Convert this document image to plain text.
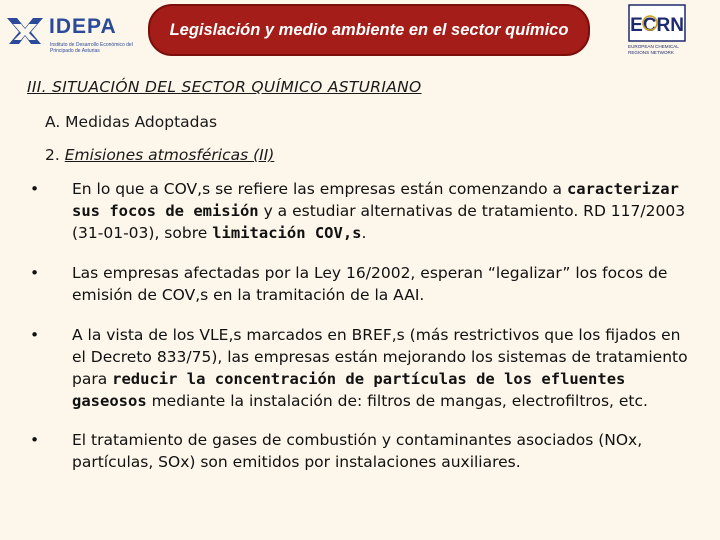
IDEPA
Instituto de Desarrollo Económico del Principado de Asturias
Legislación y medio ambiente en el sector químico	ECRN
EUROPEAN CHEMICAL REGIONS NETWORK
III. SITUACIÓN DEL SECTOR QUÍMICO ASTURIANO
A. Medidas Adoptadas
2. Emisiones atmosféricas (II)
• En lo que a COV,s se refiere las empresas están comenzando a caracterizar sus focos de emisión y a estudiar alternativas de tratamiento. RD 117/2003 (31-01-03), sobre limitación COV,s.
• Las empresas afectadas por la Ley 16/2002, esperan “legalizar” los focos de emisión de COV,s en la tramitación de la AAI.
• A la vista de los VLE,s marcados en BREF,s (más restrictivos que los fijados en el Decreto 833/75), las empresas están mejorando los sistemas de tratamiento para reducir la concentración de partículas de los efluentes gaseosos mediante la instalación de: filtros de mangas, electrofiltros, etc.
• El tratamiento de gases de combustión y contaminantes asociados (NOx, partículas, SOx) son emitidos por instalaciones auxiliares.
